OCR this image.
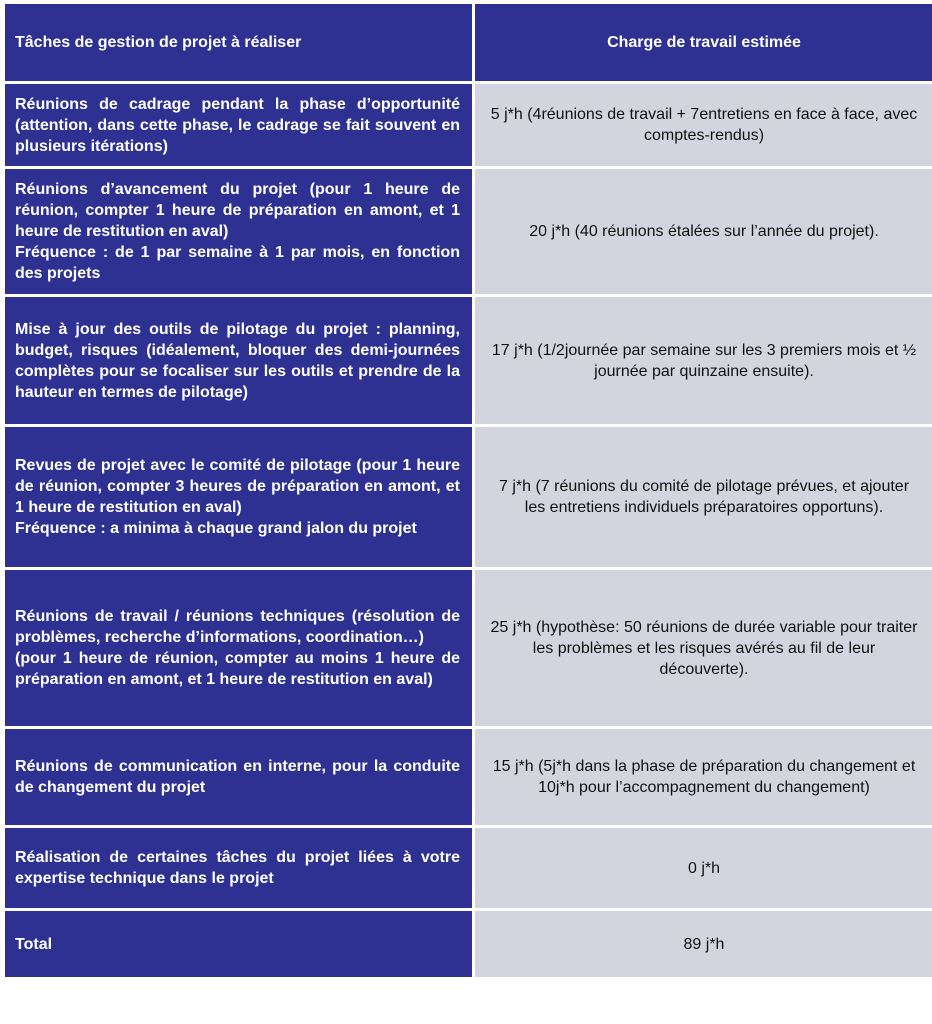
Tâches de gestion de projet à réaliser	Charge de travail estimée

Réunions de cadrage pendant la phase d’opportunité (attention, dans cette phase, le cadrage se fait souvent en plusieurs itérations)	5 j*h (4réunions de travail + 7entretiens en face à face, avec comptes-rendus)

Réunions d’avancement du projet (pour 1 heure de réunion, compter 1 heure de préparation en amont, et 1 heure de restitution en aval)
Fréquence : de 1 par semaine à 1 par mois, en fonction des projets	20 j*h (40 réunions étalées sur l’année du projet).

Mise à jour des outils de pilotage du projet : planning, budget, risques (idéalement, bloquer des demi-journées complètes pour se focaliser sur les outils et prendre de la hauteur en termes de pilotage)	17 j*h (1/2journée par semaine sur les 3 premiers mois et ½ journée par quinzaine ensuite).

Revues de projet avec le comité de pilotage (pour 1 heure de réunion, compter 3 heures de préparation en amont, et 1 heure de restitution en aval)
Fréquence : a minima à chaque grand jalon du projet	7 j*h (7 réunions du comité de pilotage prévues, et ajouter les entretiens individuels préparatoires opportuns).

Réunions de travail / réunions techniques (résolution de problèmes, recherche d’informations, coordination…)
(pour 1 heure de réunion, compter au moins 1 heure de préparation en amont, et 1 heure de restitution en aval)	25 j*h (hypothèse: 50 réunions de durée variable pour traiter les problèmes et les risques avérés au fil de leur découverte).

Réunions de communication en interne, pour la conduite de changement du projet	15 j*h (5j*h dans la phase de préparation du changement et 10j*h pour l’accompagnement du changement)

Réalisation de certaines tâches du projet liées à votre expertise technique dans le projet	0 j*h

Total	89 j*h
